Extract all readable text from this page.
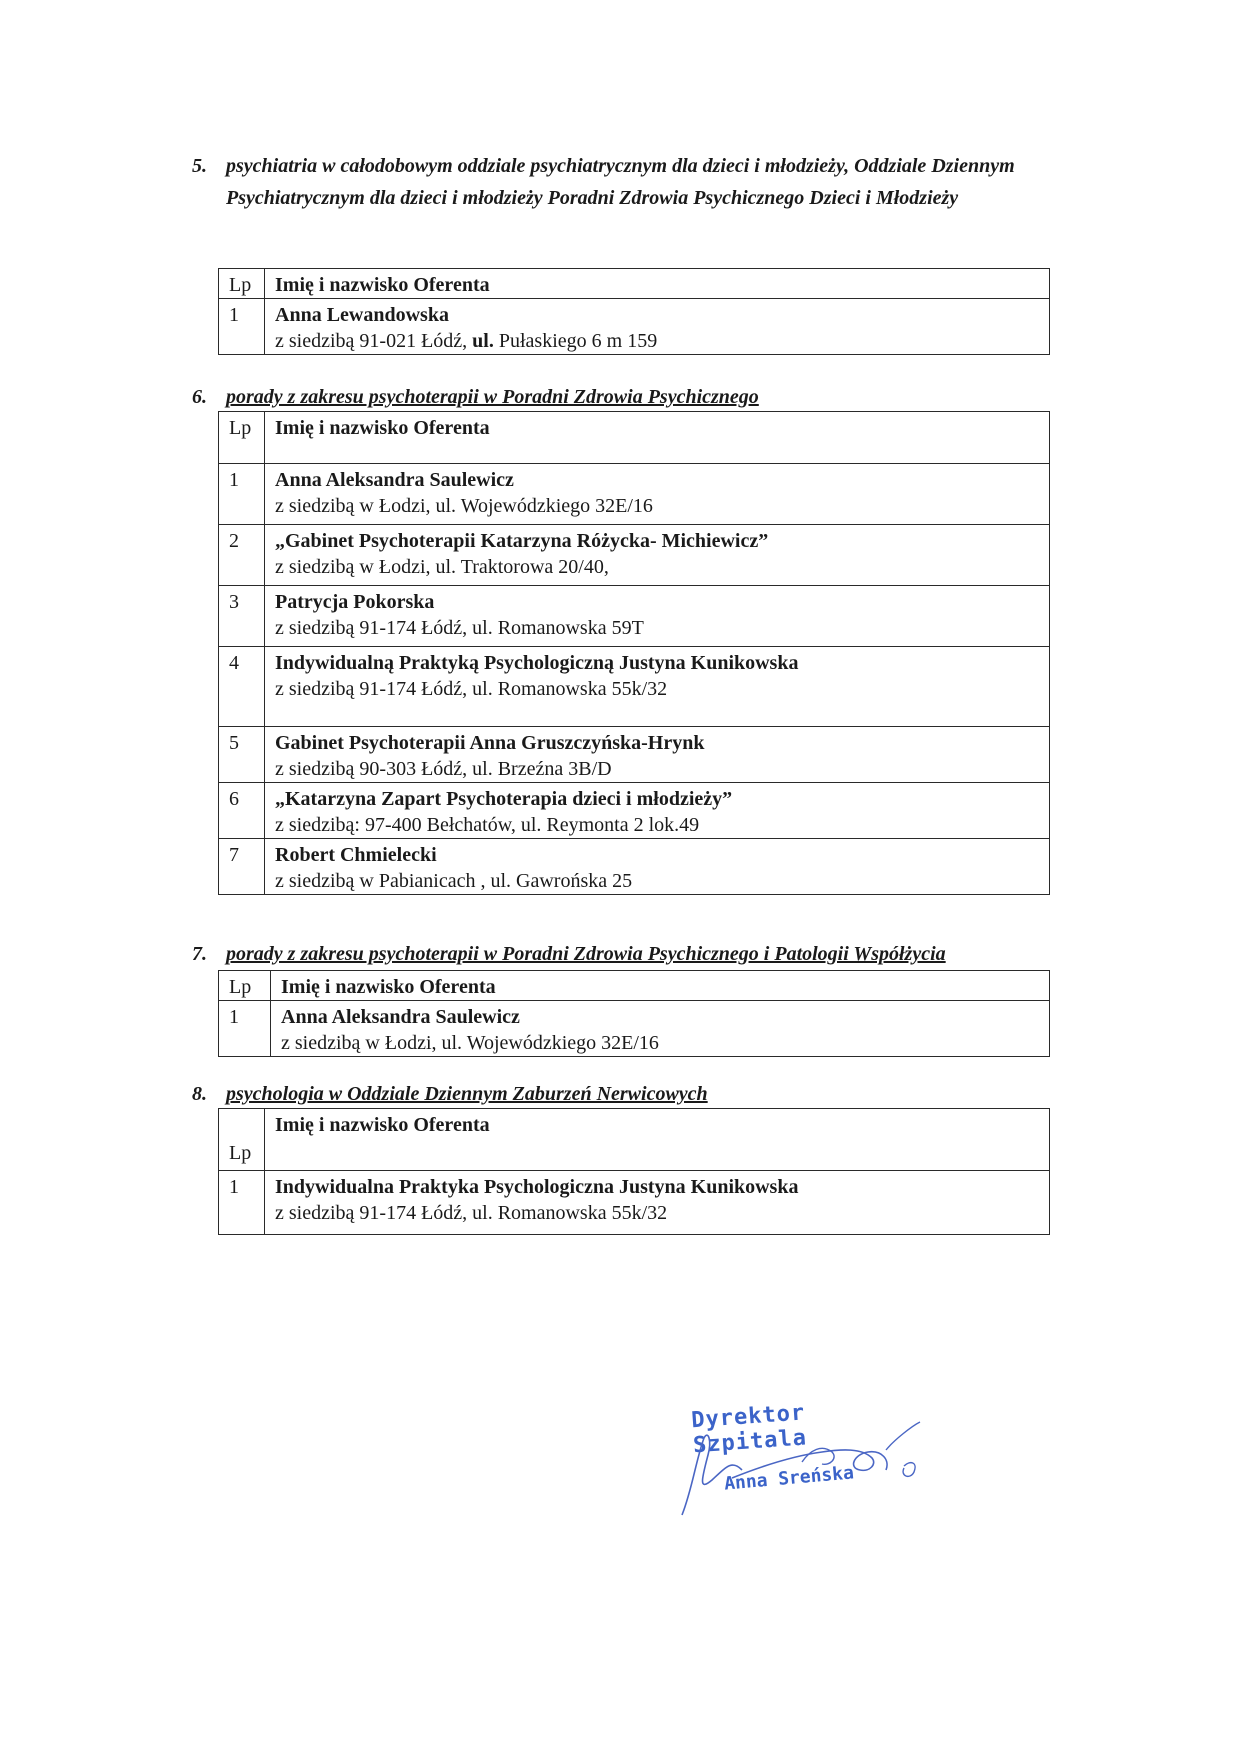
5. psychiatria w całodobowym oddziale psychiatrycznym dla dzieci i młodzieży, Oddziale Dziennym Psychiatrycznym dla dzieci i młodzieży Poradni Zdrowia Psychicznego Dzieci i Młodzieży
Lp	Imię i nazwisko Oferenta
1	Anna Lewandowska
z siedzibą 91-021 Łódź, ul. Pułaskiego 6 m 159
6. porady z zakresu psychoterapii w Poradni Zdrowia Psychicznego
Lp	Imię i nazwisko Oferenta
1	Anna Aleksandra Saulewicz
z siedzibą w Łodzi, ul. Wojewódzkiego 32E/16

2	„Gabinet Psychoterapii Katarzyna Różycka- Michiewicz”
z siedzibą w Łodzi, ul. Traktorowa 20/40,

3	Patrycja Pokorska
z siedzibą 91-174 Łódź, ul. Romanowska 59T

4	Indywidualną Praktyką Psychologiczną Justyna Kunikowska
z siedzibą 91-174 Łódź, ul. Romanowska 55k/32

5	Gabinet Psychoterapii Anna Gruszczyńska-Hrynk
z siedzibą 90-303 Łódź, ul. Brzeźna 3B/D

6	„Katarzyna Zapart Psychoterapia dzieci i młodzieży”
z siedzibą: 97-400 Bełchatów, ul. Reymonta 2 lok.49

7	Robert Chmielecki
z siedzibą w Pabianicach , ul. Gawrońska 25
7. porady z zakresu psychoterapii w Poradni Zdrowia Psychicznego i Patologii Współżycia
Lp	Imię i nazwisko Oferenta
1	Anna Aleksandra Saulewicz
z siedzibą w Łodzi, ul. Wojewódzkiego 32E/16
8. psychologia w Oddziale Dziennym Zaburzeń Nerwicowych
Lp	Imię i nazwisko Oferenta
1	Indywidualna Praktyka Psychologiczna Justyna Kunikowska
z siedzibą 91-174 Łódź, ul. Romanowska 55k/32
Dyrektor Szpitala
Anna Sreńska
